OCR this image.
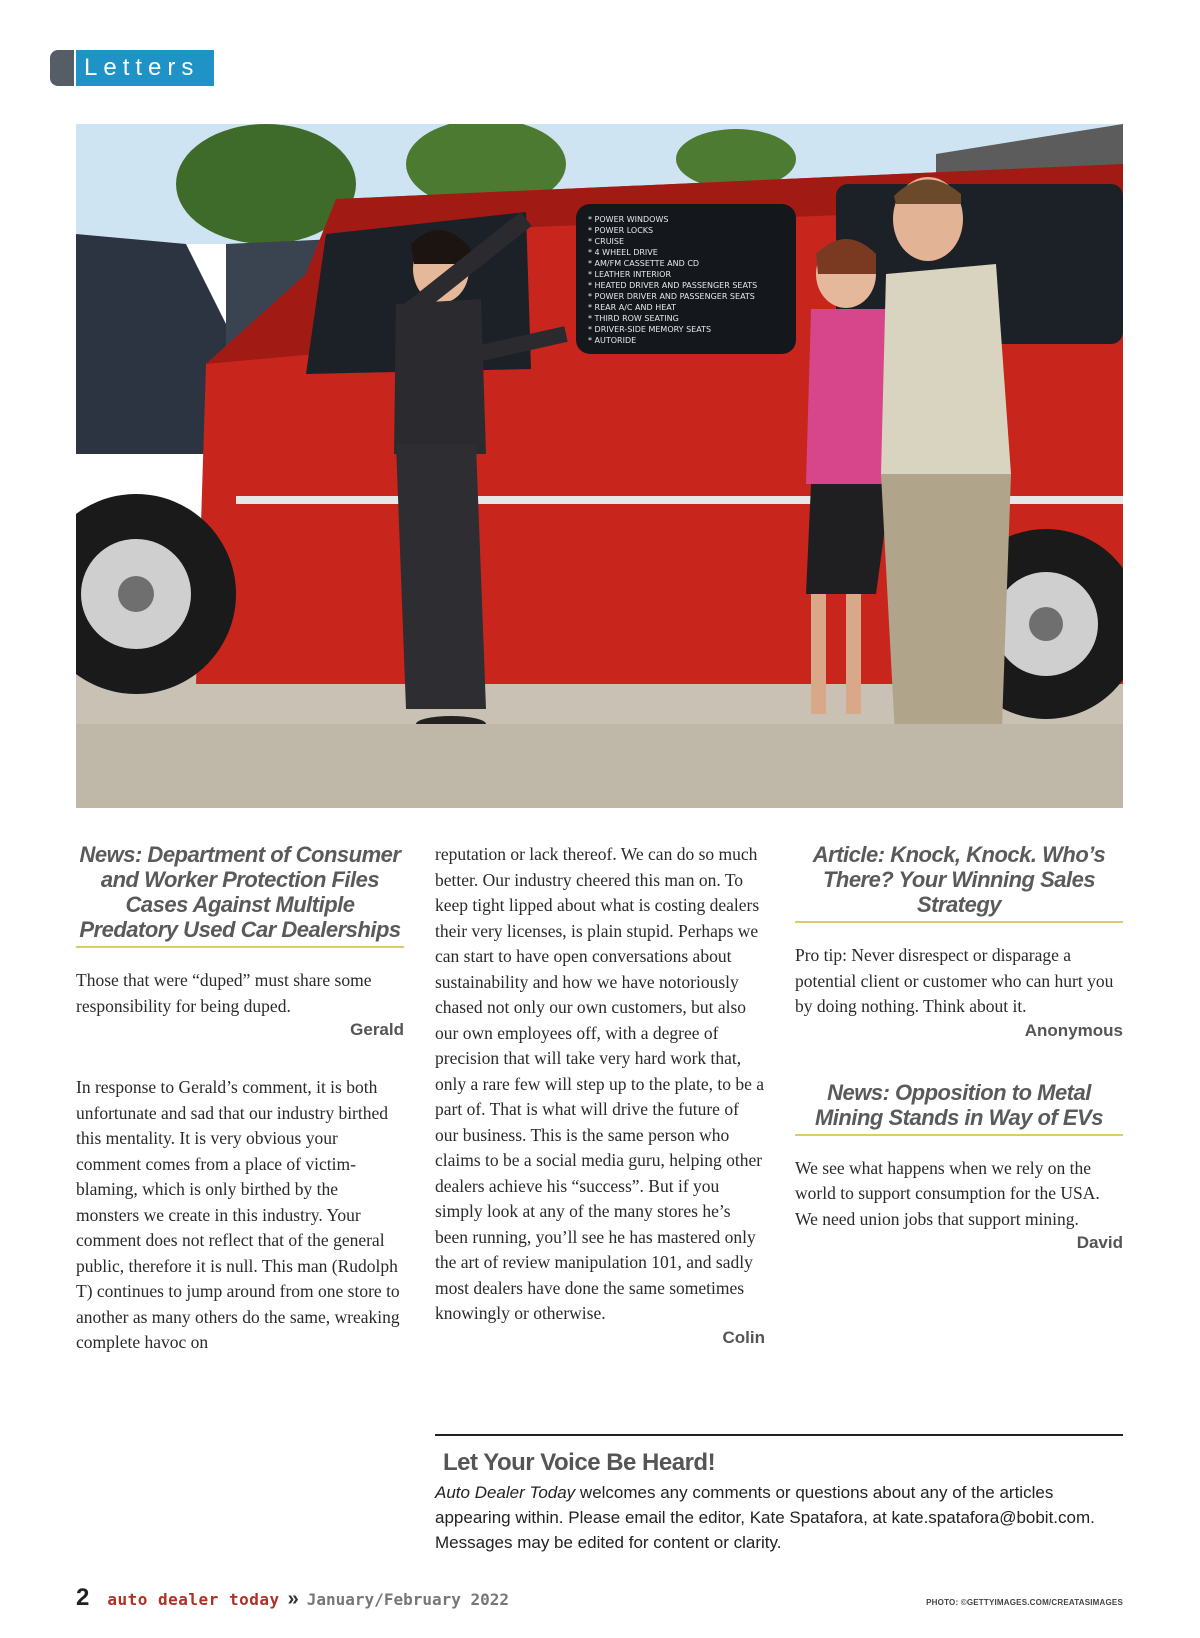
Letters
* POWER WINDOWS
* POWER LOCKS
* CRUISE
* 4 WHEEL DRIVE
* AM/FM CASSETTE AND CD
* LEATHER INTERIOR
* HEATED DRIVER AND PASSENGER SEATS
* POWER DRIVER AND PASSENGER SEATS
* REAR A/C AND HEAT
* THIRD ROW SEATING
* DRIVER-SIDE MEMORY SEATS
* AUTORIDE
News: Department of Consumer and Worker Protection Files Cases Against Multiple Predatory Used Car Dealerships

Those that were “duped” must share some responsibility for being duped.

Gerald

In response to Gerald’s comment, it is both unfortunate and sad that our industry birthed this mentality. It is very obvious your comment comes from a place of victim-blaming, which is only birthed by the monsters we create in this industry. Your comment does not reflect that of the general public, therefore it is null. This man (Rudolph T) continues to jump around from one store to another as many others do the same, wreaking complete havoc on

reputation or lack thereof. We can do so much better. Our industry cheered this man on. To keep tight lipped about what is costing dealers their very licenses, is plain stupid. Perhaps we can start to have open conversations about sustainability and how we have notoriously chased not only our own customers, but also our own employees off, with a degree of precision that will take very hard work that, only a rare few will step up to the plate, to be a part of. That is what will drive the future of our business. This is the same person who claims to be a social media guru, helping other dealers achieve his “success”. But if you simply look at any of the many stores he’s been running, you’ll see he has mastered only the art of review manipulation 101, and sadly most dealers have done the same sometimes knowingly or otherwise.

Colin

Article: Knock, Knock. Who’s There? Your Winning Sales Strategy

Pro tip: Never disrespect or disparage a potential client or customer who can hurt you by doing nothing. Think about it.

Anonymous

News: Opposition to Metal Mining Stands in Way of EVs

We see what happens when we rely on the world to support consumption for the USA. We need union jobs that support mining.

David

Let Your Voice Be Heard!

Auto Dealer Today welcomes any comments or questions about any of the articles appearing within. Please email the editor, Kate Spatafora, at kate.spatafora@bobit.com. Messages may be edited for content or clarity.

2 auto dealer today » January/February 2022	PHOTO: ©GETTYIMAGES.COM/CREATASIMAGES
